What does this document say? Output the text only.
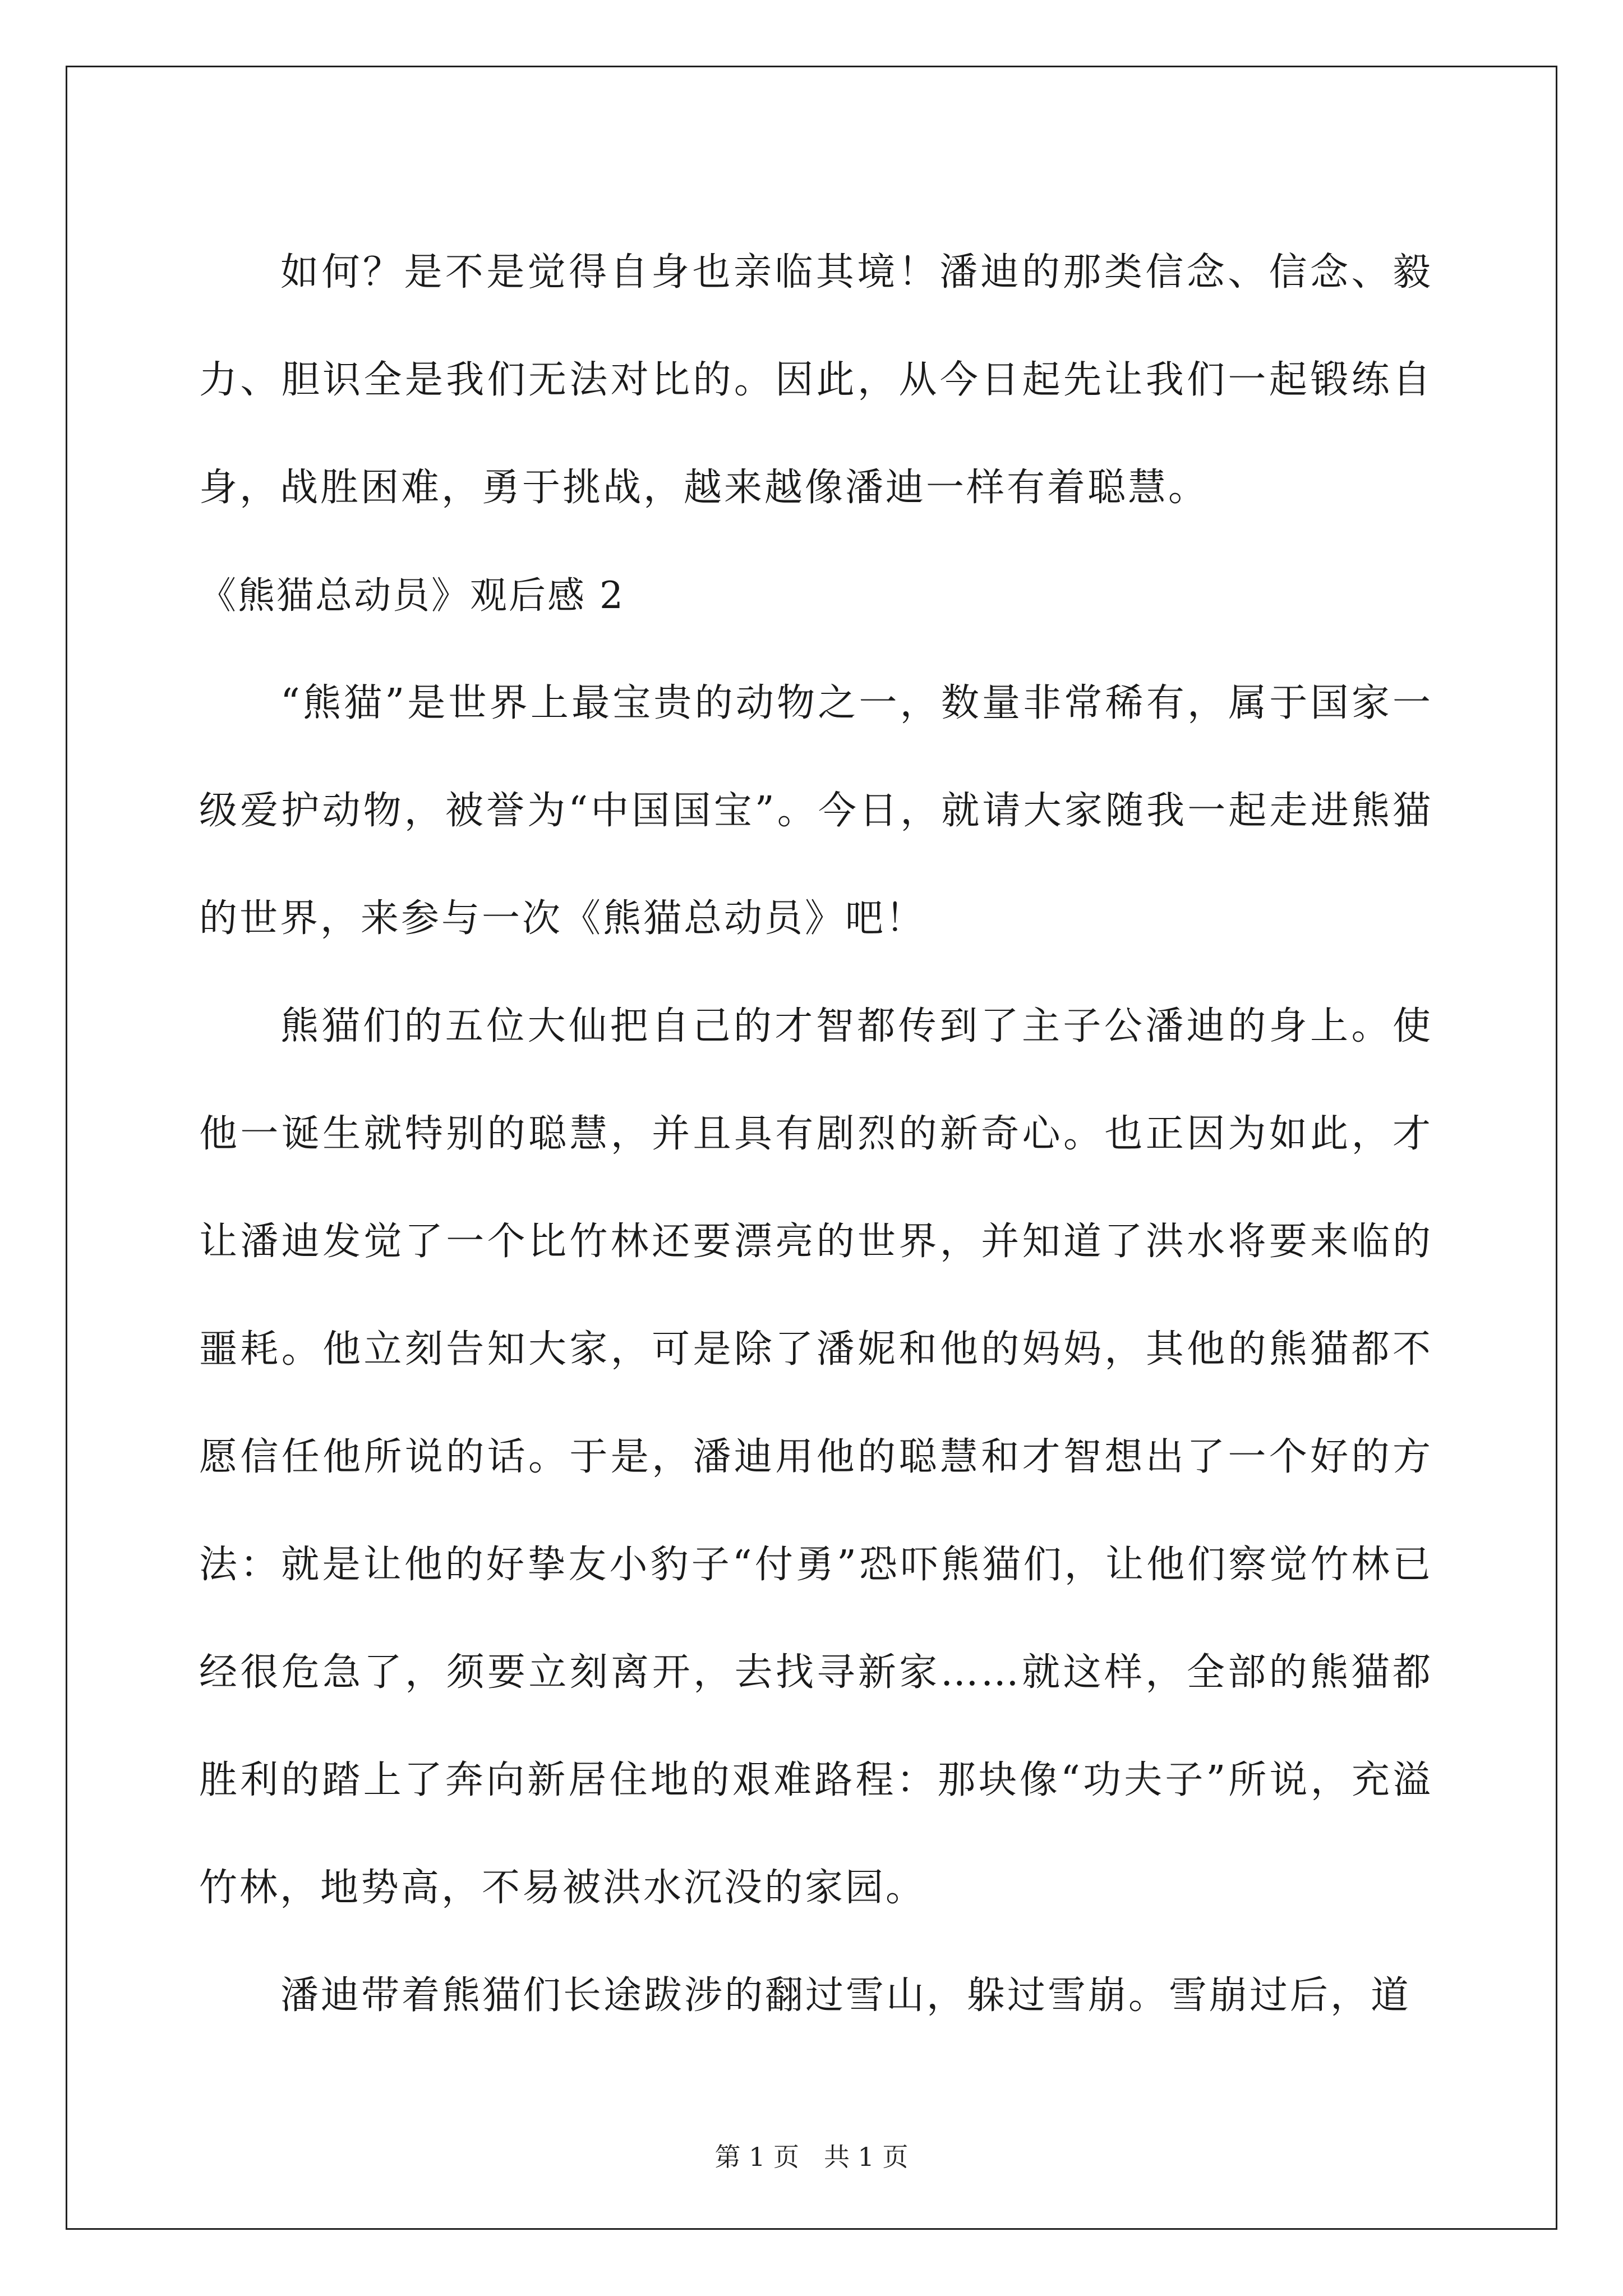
如何？是不是觉得自身也亲临其境！潘迪的那类信念、信念、毅力、胆识全是我们无法对比的。因此，从今日起先让我们一起锻练自身，战胜困难，勇于挑战，越来越像潘迪一样有着聪慧。

《熊猫总动员》观后感 2

“熊猫”是世界上最宝贵的动物之一，数量非常稀有，属于国家一级爱护动物，被誉为“中国国宝”。今日，就请大家随我一起走进熊猫的世界，来参与一次《熊猫总动员》吧！

熊猫们的五位大仙把自己的才智都传到了主子公潘迪的身上。使他一诞生就特别的聪慧，并且具有剧烈的新奇心。也正因为如此，才让潘迪发觉了一个比竹林还要漂亮的世界，并知道了洪水将要来临的噩耗。他立刻告知大家，可是除了潘妮和他的妈妈，其他的熊猫都不愿信任他所说的话。于是，潘迪用他的聪慧和才智想出了一个好的方法：就是让他的好挚友小豹子“付勇”恐吓熊猫们，让他们察觉竹林已经很危急了，须要立刻离开，去找寻新家……就这样，全部的熊猫都胜利的踏上了奔向新居住地的艰难路程：那块像“功夫子”所说，充溢竹林，地势高，不易被洪水沉没的家园。

潘迪带着熊猫们长途跋涉的翻过雪山，躲过雪崩。雪崩过后，道

第 1 页 共 1 页
